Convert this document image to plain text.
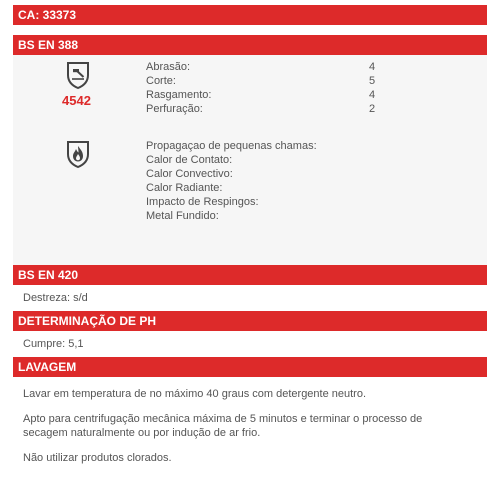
CA: 33373
BS EN 388
4542
Abrasão:	4
Corte:	5
Rasgamento:	4
Perfuração:	2
Propagaçao de pequenas chamas:
Calor de Contato:
Calor Convectivo:
Calor Radiante:
Impacto de Respingos:
Metal Fundido:
BS EN 420
Destreza: s/d
DETERMINAÇÃO DE PH
Cumpre: 5,1
LAVAGEM

Lavar em temperatura de no máximo 40 graus com detergente neutro.

Apto para centrifugação mecânica máxima de 5 minutos e terminar o processo de secagem naturalmente ou por indução de ar frio.

Não utilizar produtos clorados.
